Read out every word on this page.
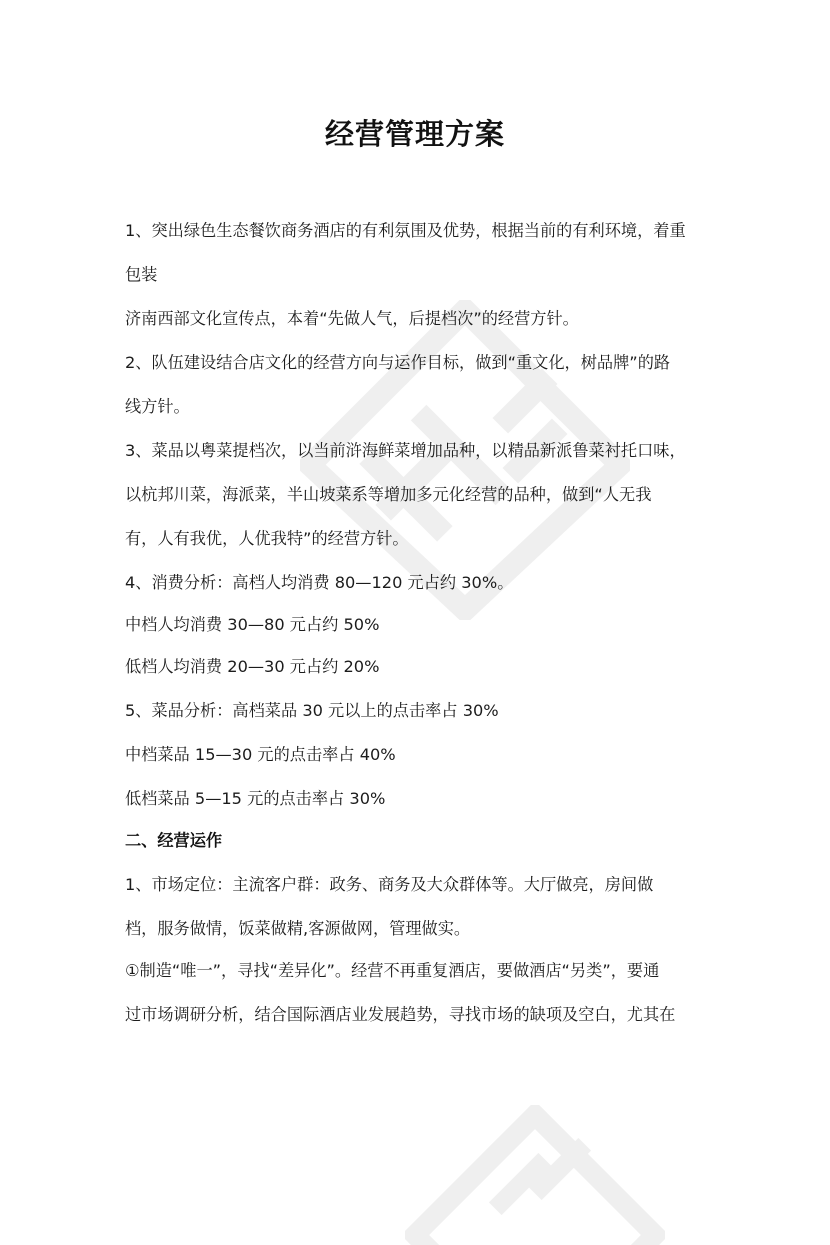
经营管理方案

1、突出绿色生态餐饮商务酒店的有利氛围及优势，根据当前的有利环境，着重

包装

济南西部文化宣传点，本着“先做人气，后提档次”的经营方针。

2、队伍建设结合店文化的经营方向与运作目标，做到“重文化，树品牌”的路

线方针。

3、菜品以粤菜提档次，以当前浒海鲜菜增加品种，以精品新派鲁菜衬托口味，

以杭邦川菜，海派菜，半山坡菜系等增加多元化经营的品种，做到“人无我

有，人有我优，人优我特”的经营方针。

4、消费分析：高档人均消费 80—120 元占约 30%。

中档人均消费 30—80 元占约 50%

低档人均消费 20—30 元占约 20%

5、菜品分析：高档菜品 30 元以上的点击率占 30%

中档菜品 15—30 元的点击率占 40%

低档菜品 5—15 元的点击率占 30%

二、经营运作

1、市场定位：主流客户群：政务、商务及大众群体等。大厅做亮，房间做

档，服务做情，饭菜做精,客源做网，管理做实。

①制造“唯一”，寻找“差异化”。经营不再重复酒店，要做酒店“另类”，要通

过市场调研分析，结合国际酒店业发展趋势，寻找市场的缺项及空白，尤其在
